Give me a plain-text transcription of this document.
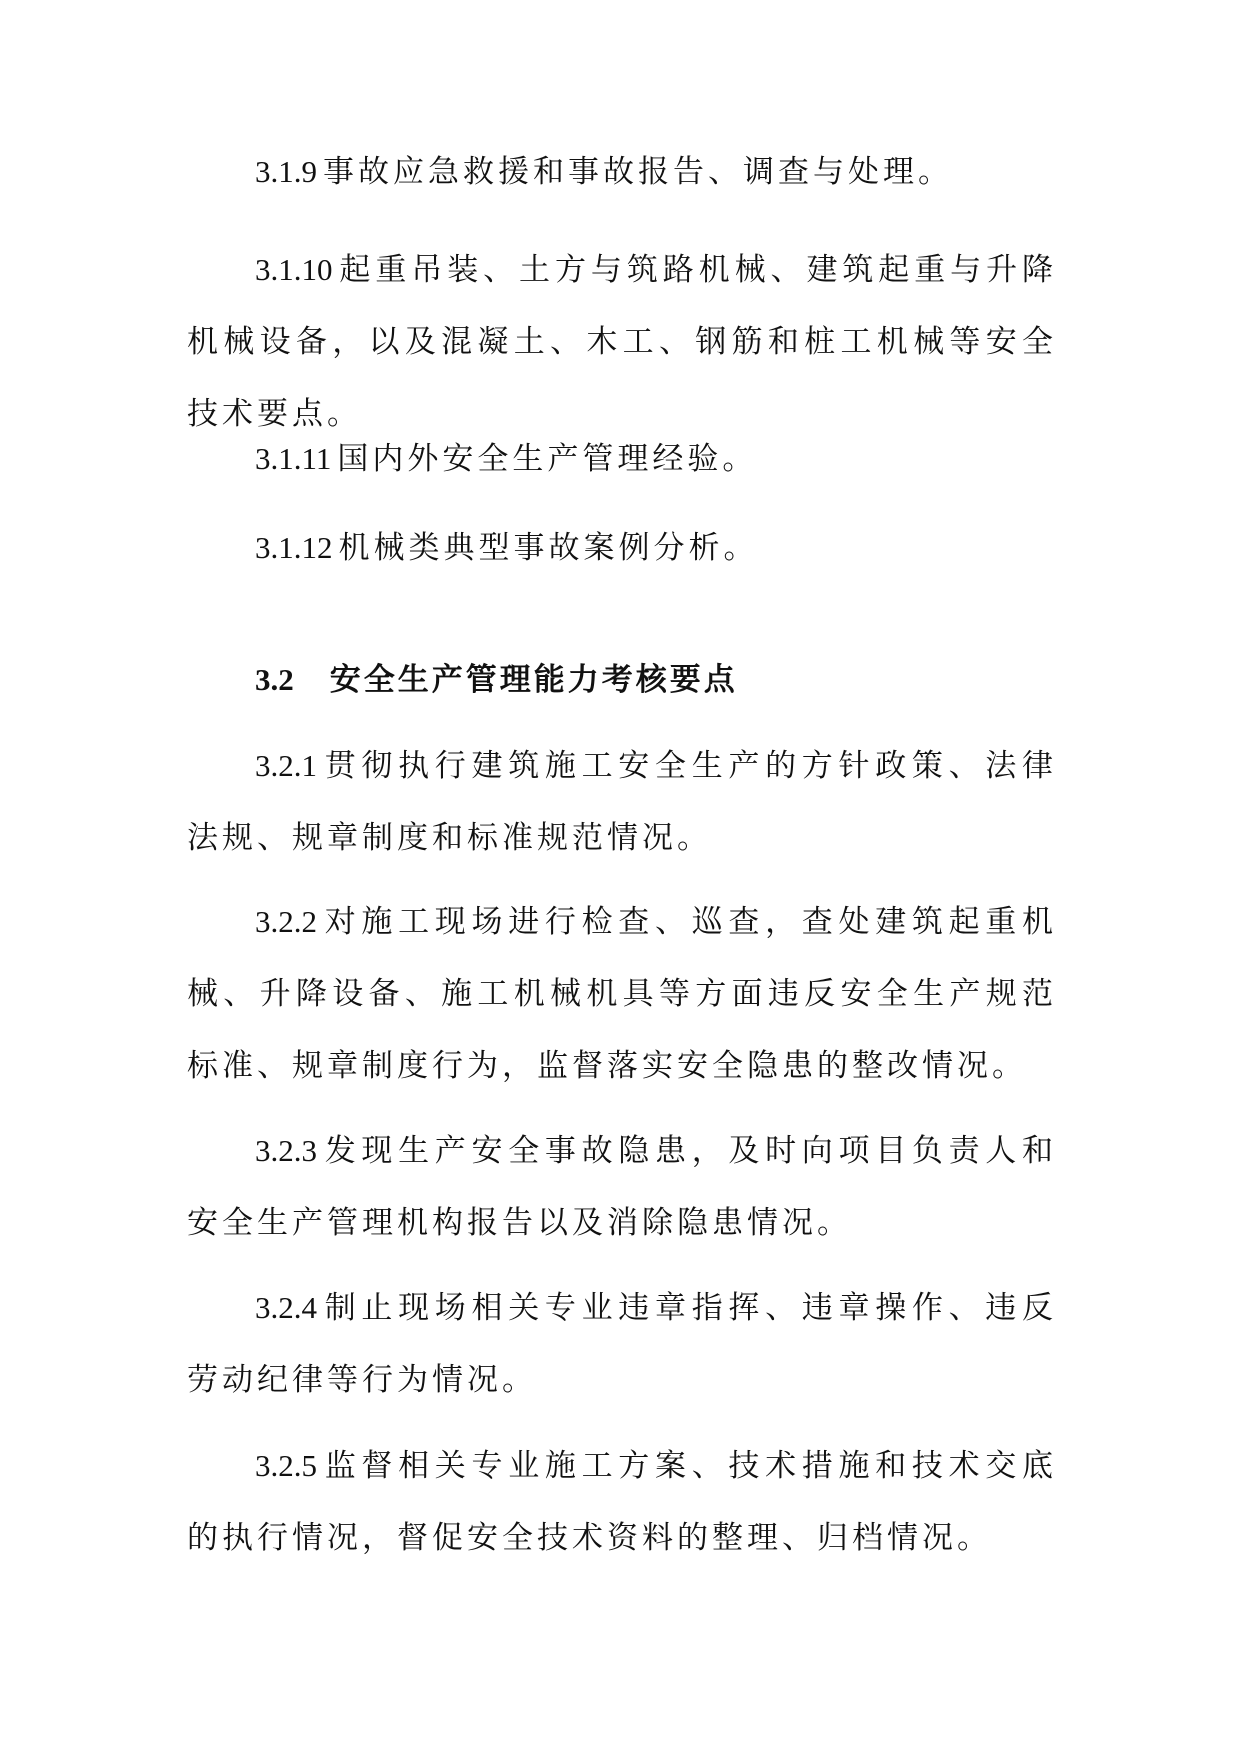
3.1.9 事故应急救援和事故报告、调查与处理。

3.1.10 起重吊装、土方与筑路机械、建筑起重与升降机械设备，以及混凝土、木工、钢筋和桩工机械等安全技术要点。

3.1.11 国内外安全生产管理经验。

3.1.12 机械类典型事故案例分析。

3.2 安全生产管理能力考核要点

3.2.1 贯彻执行建筑施工安全生产的方针政策、法律法规、规章制度和标准规范情况。

3.2.2 对施工现场进行检查、巡查，查处建筑起重机械、升降设备、施工机械机具等方面违反安全生产规范标准、规章制度行为，监督落实安全隐患的整改情况。

3.2.3 发现生产安全事故隐患，及时向项目负责人和安全生产管理机构报告以及消除隐患情况。

3.2.4 制止现场相关专业违章指挥、违章操作、违反劳动纪律等行为情况。

3.2.5 监督相关专业施工方案、技术措施和技术交底的执行情况，督促安全技术资料的整理、归档情况。
